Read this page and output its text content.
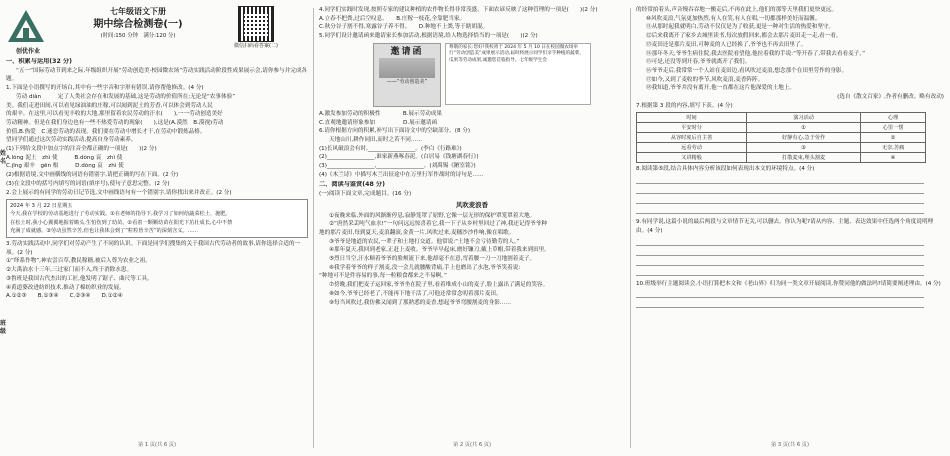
姓名
班级
创优作业
七年级语文下册
期中综合检测卷(一)
(时间:150 分钟　满分:120 分)
微信扫码看答案(二)

一、积累与运用(32 分)

“五一”国际劳动节到来之际,年级组织开展“劳动创造美·校园微农场”劳动实践活动阶段性成果展示会,请你参与并完成各题。

1.下面是小语撰写的开场白,其中有一些字音和字形有错误,请你帮他修改。(4 分)

劳动 diàn　　　定了人类社会存在和发展的基础,这是劳动的价值所在;无论是“农事体验”

美。我们走进田间,可以看见绿油油的庄稼,可以闻到泥土的芳香,可以体会到劳动人民

的艰辛。在这里,可以看见丰收的大地,那里留着农民劳动的汗水(　　),一一劳动创造美好

劳动精神。但是在我们身边也有一些不热爱劳动的现象(　　),这是(A.漠然　B.漠视)劳动

价值,B.热爱　C.迷恋劳动的表现。我们要在劳动中增长才干,在劳动中锻炼品格。

望同学们通过这次劳动实践活动,提高自身劳动素养。

(1)下列给文段中加点字的注音全都正确的一项是(　　)(2 分)

A.lóng 泥土　zhì 使　　　B.dòng 哀　zhì 使

C.jīng 艰辛　gēn 根　　　D.dòng 哀　zhì 使

(2)根据语境,文中画横线的词语有错别字,请把正确的写在下面。(2 分)

(3)在文段中的括号内填写的词语(填序号),使句子意思完整。(2 分)

2.会上展示的有同学的劳动日记节选,文中画线语句有一个错别字,请你找出来并改正。(2 分)

2024 年 3 月 22 日星期五

今天,我在学校的劳动基地进行了劳动实践。①在老师的指导下,我学习了如何给蔬菜松土、施肥。

在松土时,我小心翼翼地握着锄头,生怕伤到了幼苗。②看着一颗颗幼苗在阳光下茁壮成长,心中不禁

充满了成就感。③劳动虽然辛苦,但也让我体会到了“粒粒皆辛苦”的深刻含义。……

3.劳动实践活动中,同学们对劳动产生了不同的认识。下面是同学们搜集的关于我国古代劳动者的故事,请你选择合适的一项。(2 分)

①“绎系作物”,神农尝百草,教民稼穑,被后人尊为农业之祖。

②大禹治水十三年,三过家门而不入,终于消除水患。

③鲁班是我国古代杰出的工匠,他发明了锯子、曲尺等工具。

④黄道婆改进纺织技术,推动了棉纺织业的发展。

A.①②③　　B.①③④　　C.②③④　　D.①②④

第 1 页(共 6 页)

4.同学们实践时发现,按照专家的建议种植的农作物长得非常茂盛。下面农谚反映了这种管理的一项是(　　)(2 分)

A.立春不把粪,过后空叹息。　　B.庄稼一枝花,全靠肥当家。

C.秋分谷子割不得,寒露谷子养不得。　　D.种地不上粪,等于瞎胡混。

5.同学们设计邀请函来邀请家长参加活动,根据语境,给人物选择恰当的一项是(　　)(2 分)

邀请函
——“劳动创造美”
尊敬的家长:您好!我校将于 2024 年 5 月 10 日在校园微农场举行“劳动创造美”成果展示活动,届时将展示同学们亲手种植的蔬菜、瓜果等劳动成果,诚邀您莅临指导。七年级学生会

A.激发参加劳动的积极性　　　　B.展示劳动成果

C.直观地邀请形象参加　　　　　D.展示邀请函

6.请你根据方向的积累,补写出下面诗文中的空缺部分。(8 分)

天地山川,耕作同田,而时之若不同……

(1)长风破浪会有时,_________________。(李白《行路难》)

(2)_________________,谁家新燕啄春泥。(白居易《钱塘湖春行》)

(3)_________________,_________________。(刘禹锡《陋室铭》)

(4)《木兰诗》中描写木兰出征途中在万里行军作战时的诗句是……

二、阅读与鉴赏(48 分)

(一)阅读下面文章,完成题目。(16 分)

风吹麦浪香

①夜晚来临,外面的风渐渐停息,寂静笼罩了原野,它像一层无形的保护罩笼罩着大地。

②“唐然采丢吨气血水!”一句问远远惊喜着它,我一下子从乡村里回过了神,我还记得爷爷种

地的那片麦田,每到夏天,麦浪翻滚,金黄一片,风吹过来,麦穗沙沙作响,像在唱歌。

③爷爷是地道的农民,一辈子和土地打交道。他常说:“土地不会亏待勤劳的人。”

④那年夏天,我回到老家,正赶上麦收。爷爷早早起床,磨好镰刀,戴上草帽,带着我来到田里。

⑤烈日当空,汗水顺着爷爷的脸颊流下来,他却毫不在意,弯着腰一刀一刀地割着麦子。

⑥我学着爷爷的样子割麦,没一会儿就腰酸背痛,手上也磨出了水泡,爷爷笑着说:

“种地可不是件容易的事,每一粒粮食都来之不易啊。”

⑦傍晚,我们把麦子运回家,爷爷坐在院子里,看着堆成小山的麦子,脸上露出了满足的笑容。

⑧如今,爷爷已经老了,不能再下地干活了,可他还常常念叨着那片麦田。

⑨每当风吹过,我仿佛又闻到了那熟悉的麦香,想起爷爷弯腰割麦的身影……

第 2 页(共 6 页)

的经常拍着头,声音慢吞吞地一搬走后,不再在此上,他们的那等天里我们更快更远。

⑩风吹麦浪,气氛更加热烈,有人在笑,有人在唱,一切都那样美好而温馨。

⑪从那时起我就明白,劳动不仅仅是为了收获,更是一种对生活的热爱和坚守。

⑫后来我离开了家乡去城里读书,每次放假回来,都会去那片麦田走一走,看一看。

⑬麦田还是那片麦田,可种麦的人已经换了,爷爷也不再去田里了。

⑭那年冬天,爷爷生病住院,我去医院看望他,他拉着我的手说:“等开春了,带我去看看麦子。”

⑮可是,还没等到开春,爷爷就离开了我们。

⑯爷爷走后,我常常一个人站在麦田边,看风吹过麦浪,想念那个在田里劳作的身影。

⑰如今,又到了麦收的季节,风吹麦浪,麦香阵阵。

⑱我知道,爷爷并没有离开,他一直都在这片他深爱的土地上。

(选自《散文百家》,作者有删改。略有改动)

7.根据第 3 段的内容,填写下表。(4 分)

时间	演习活动	心理
平安时分	①	心里一愣
从容时度后自主善	好静有心,急于劳作	②
远看劳动	③	无奈,苦痛
又讲精般	打散麦束,埋头割麦	④

8.阅读第⑤段,结合具体内容分析该段如何表现出本文的环境特点。(4 分)

9.有同学说,这篇小说的最后两段与文章情节无关,可以删去。你认为呢?请从内容、主题、表达效果中任选两个角度说明理由。(4 分)

10.班级举行主题阅读会,小语打算把本文和《老山界》归为同一类文章开展阅读,你赞同他的做法吗?请简要阐述理由。(4 分)

第 3 页(共 6 页)
